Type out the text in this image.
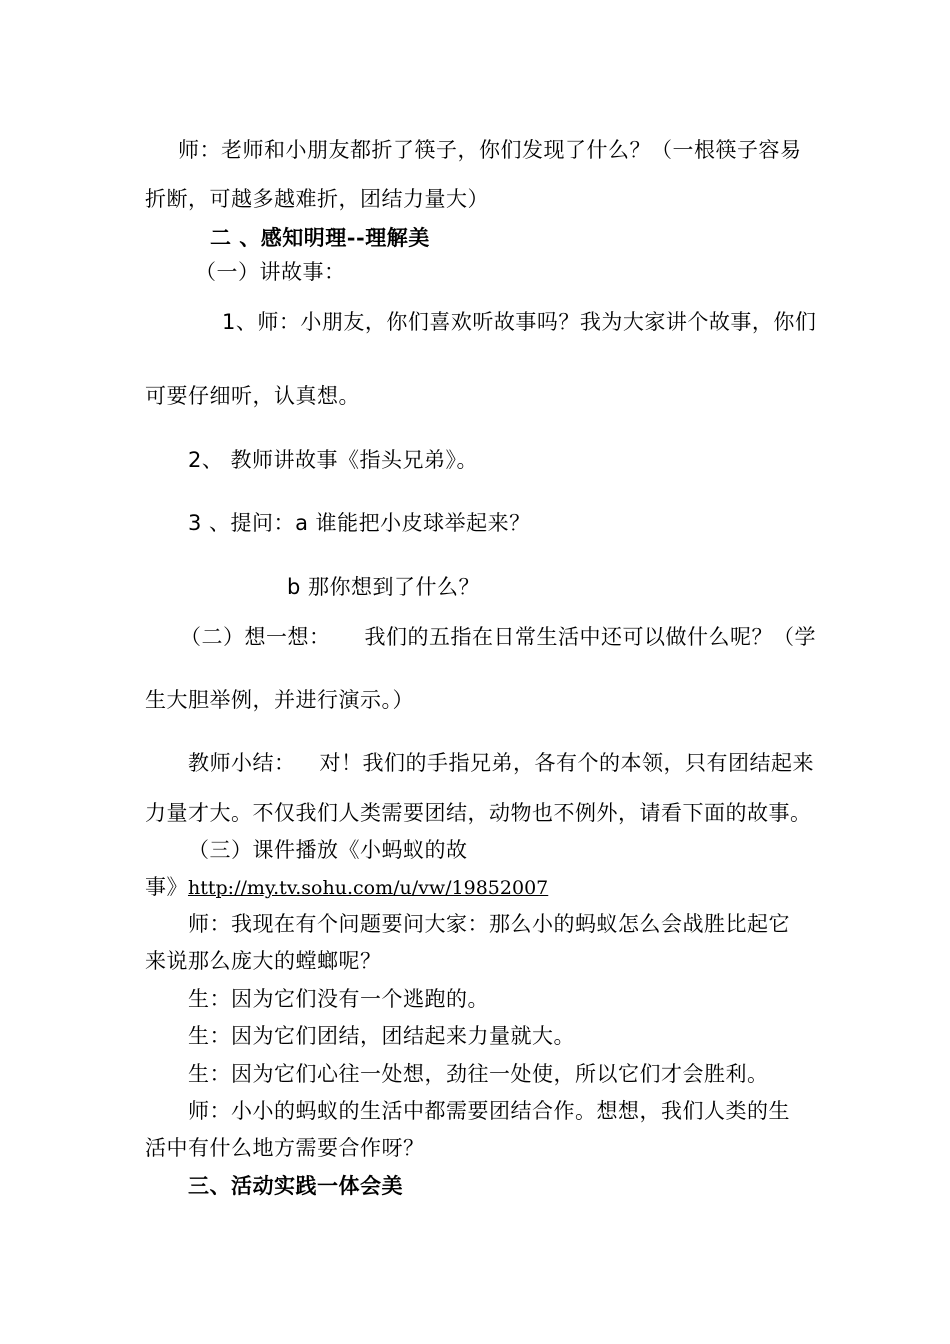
师：老师和小朋友都折了筷子，你们发现了什么？（一根筷子容易
折断，可越多越难折，团结力量大）
二 、感知明理--理解美
（一）讲故事：
1、师：小朋友，你们喜欢听故事吗？我为大家讲个故事，你们
可要仔细听，认真想。
2、 教师讲故事《指头兄弟》。
3 、提问：a 谁能把小皮球举起来？
b 那你想到了什么？
（二）想一想： 我们的五指在日常生活中还可以做什么呢？（学
生大胆举例，并进行演示。）
教师小结： 对！我们的手指兄弟，各有个的本领，只有团结起来
力量才大。不仅我们人类需要团结，动物也不例外，请看下面的故事。
（三）课件播放《小蚂蚁的故
事》http://my.tv.sohu.com/u/vw/19852007
师：我现在有个问题要问大家：那么小的蚂蚁怎么会战胜比起它
来说那么庞大的螳螂呢？
生：因为它们没有一个逃跑的。
生：因为它们团结，团结起来力量就大。
生：因为它们心往一处想，劲往一处使，所以它们才会胜利。
师：小小的蚂蚁的生活中都需要团结合作。想想，我们人类的生
活中有什么地方需要合作呀？
三、活动实践一体会美
